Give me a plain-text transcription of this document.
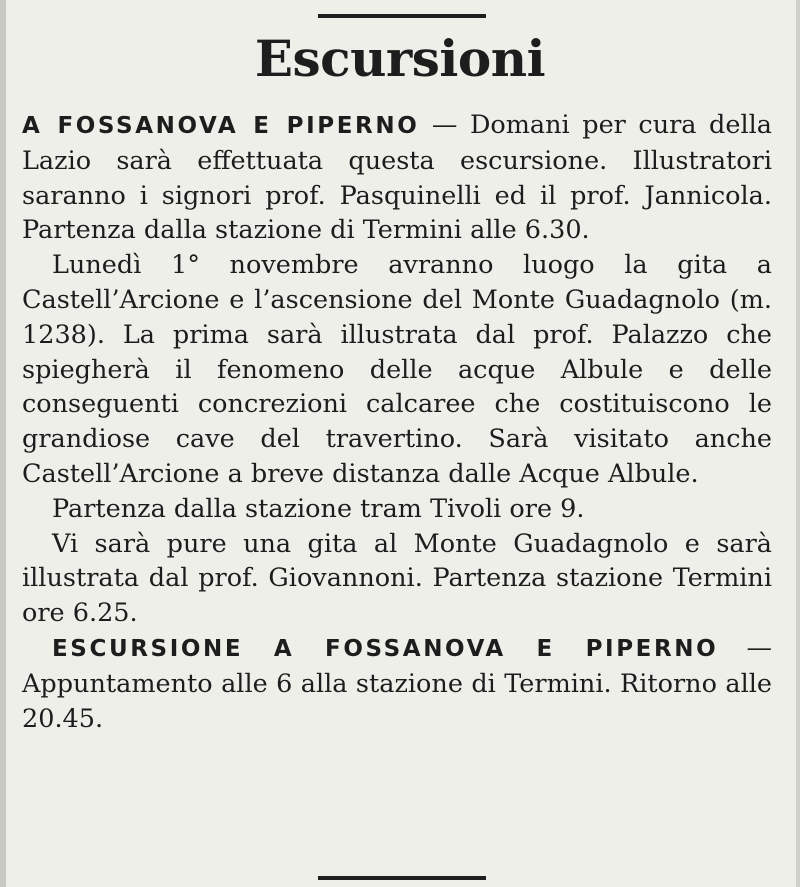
Escursioni

A FOSSANOVA E PIPERNO — Domani per cura della Lazio sarà effettuata questa escursione. Illustratori saranno i signori prof. Pasquinelli ed il prof. Jannicola. Partenza dalla stazione di Termini alle 6.30.

Lunedì 1° novembre avranno luogo la gita a Castell’Arcione e l’ascensione del Monte Guadagnolo (m. 1238). La prima sarà illustrata dal prof. Palazzo che spiegherà il fenomeno delle acque Albule e delle conseguenti concrezioni calcaree che costituiscono le grandiose cave del travertino. Sarà visitato anche Castell’Arcione a breve distanza dalle Acque Albule.

Partenza dalla stazione tram Tivoli ore 9.

Vi sarà pure una gita al Monte Guadagnolo e sarà illustrata dal prof. Giovannoni. Partenza stazione Termini ore 6.25.

ESCURSIONE A FOSSANOVA E PIPERNO — Appuntamento alle 6 alla stazione di Termini. Ritorno alle 20.45.
